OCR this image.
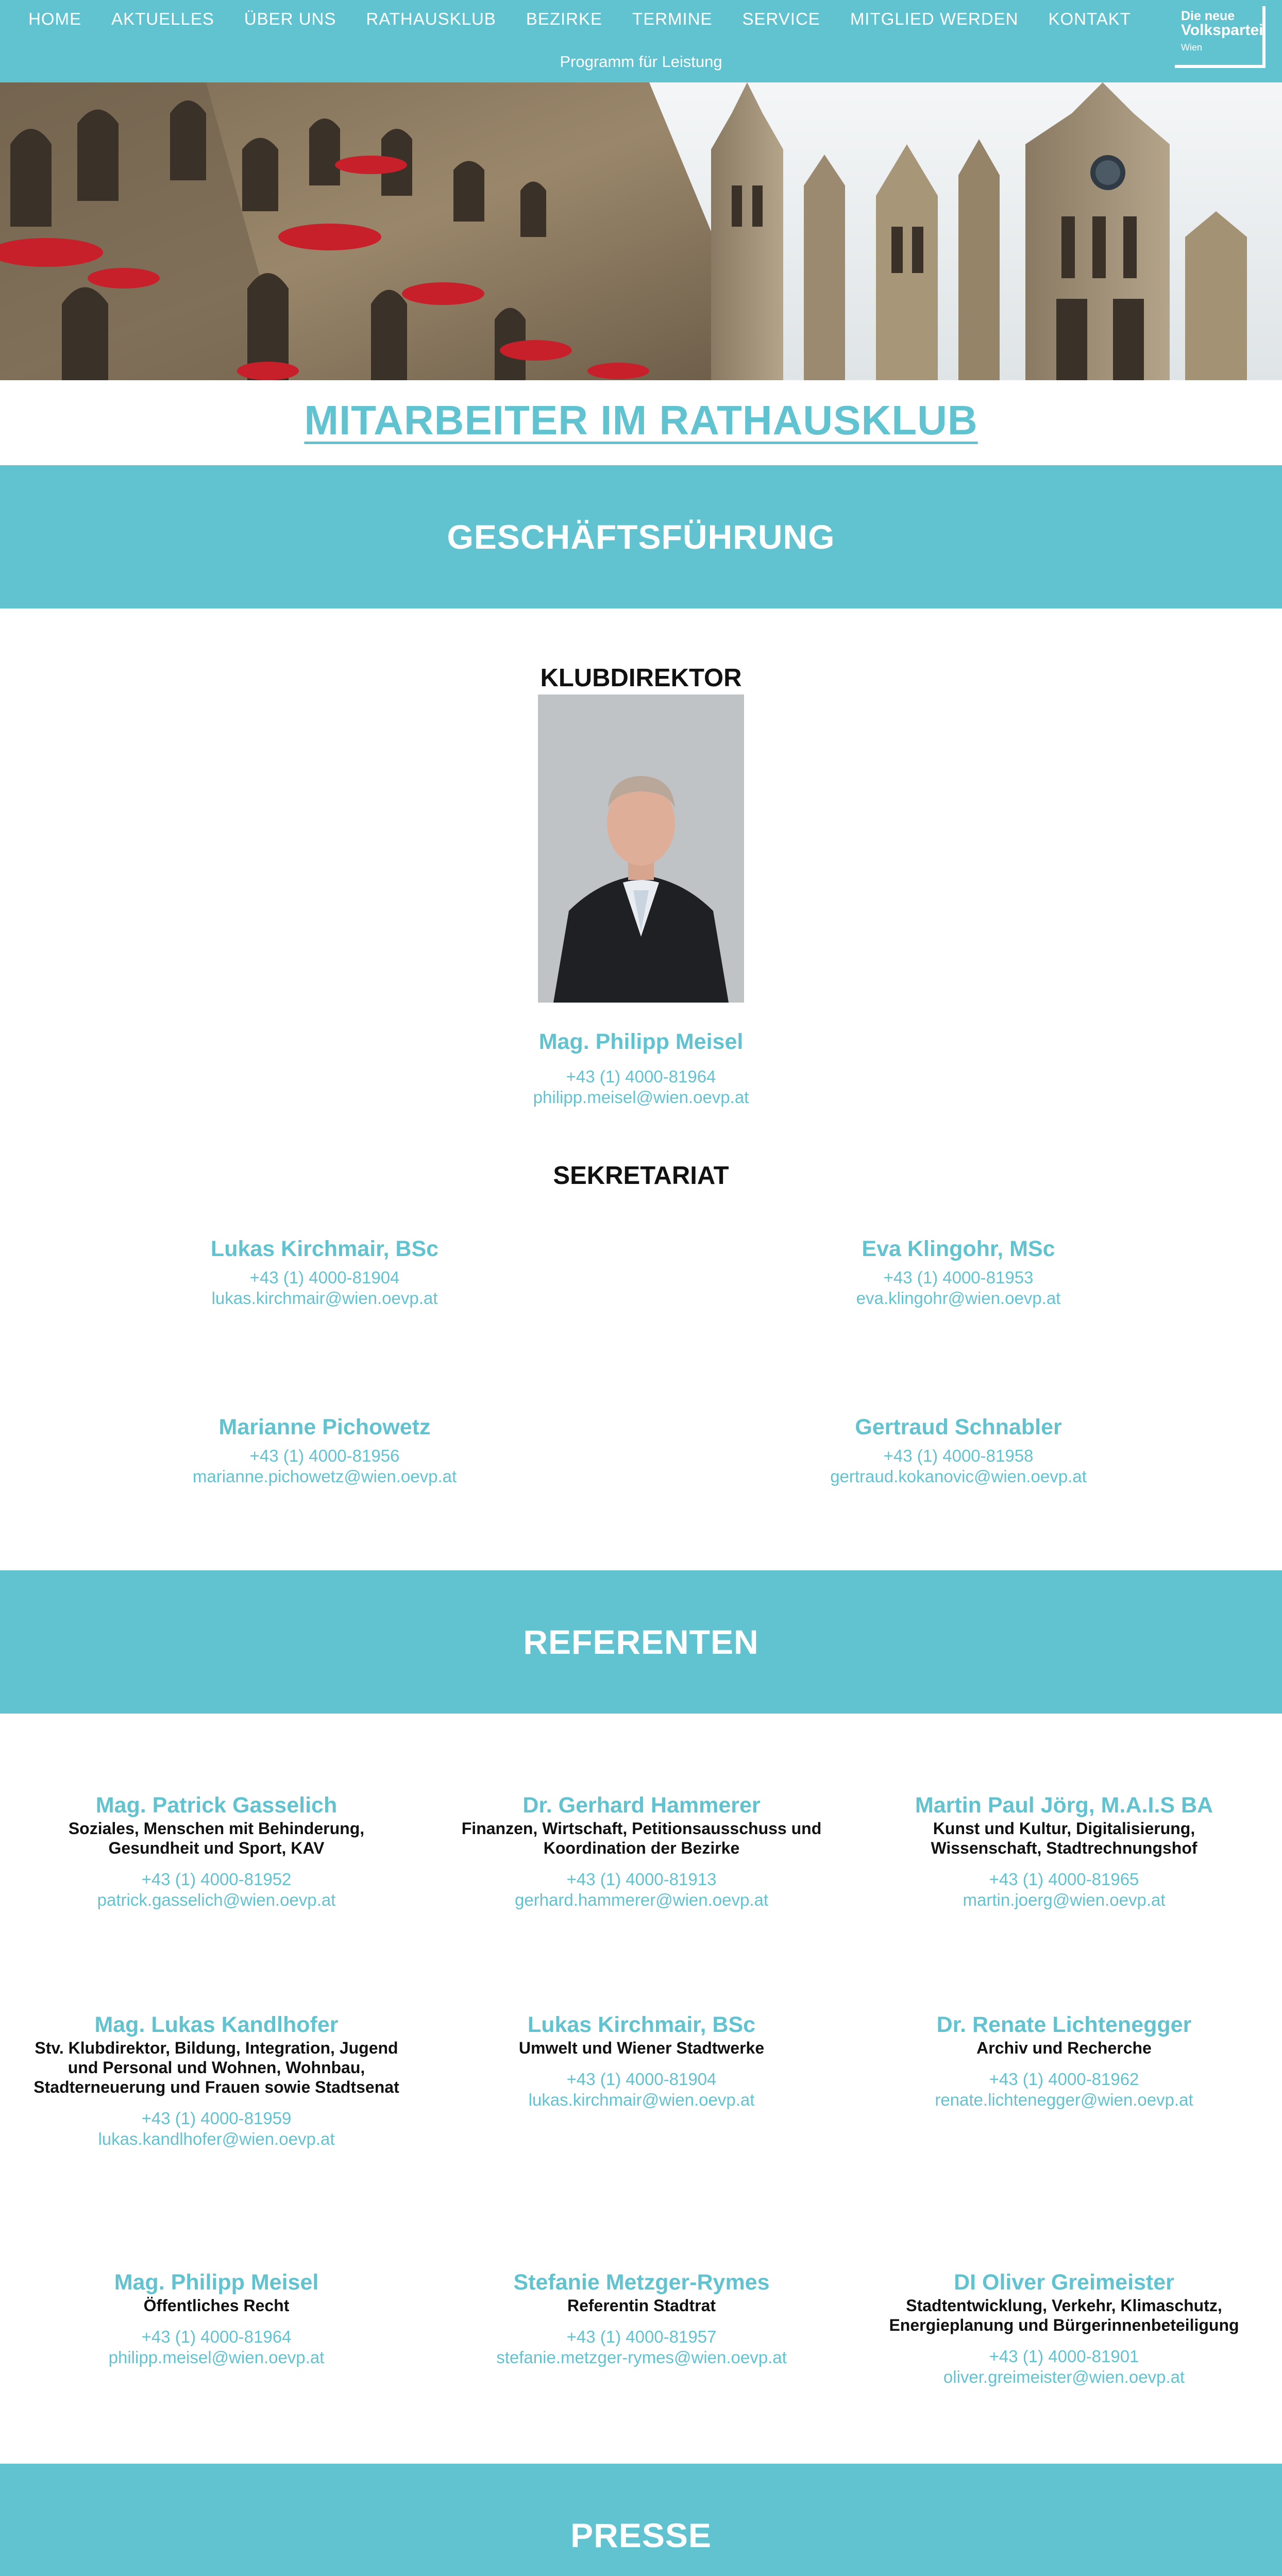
HOME	AKTUELLES	ÜBER UNS	RATHAUSKLUB	BEZIRKE	TERMINE	SERVICE	MITGLIED WERDEN	KONTAKT
Programm für Leistung
Die neue
Volkspartei
Wien
MITARBEITER IM RATHAUSKLUB
GESCHÄFTSFÜHRUNG
KLUBDIREKTOR
Mag. Philipp Meisel
+43 (1) 4000-81964
philipp.meisel@wien.oevp.at
SEKRETARIAT
Lukas Kirchmair, BSc
+43 (1) 4000-81904
lukas.kirchmair@wien.oevp.at
Eva Klingohr, MSc
+43 (1) 4000-81953
eva.klingohr@wien.oevp.at
Marianne Pichowetz
+43 (1) 4000-81956
marianne.pichowetz@wien.oevp.at
Gertraud Schnabler
+43 (1) 4000-81958
gertraud.kokanovic@wien.oevp.at
REFERENTEN
Mag. Patrick Gasselich
Soziales, Menschen mit Behinderung, Gesundheit und Sport, KAV
+43 (1) 4000-81952
patrick.gasselich@wien.oevp.at
Dr. Gerhard Hammerer
Finanzen, Wirtschaft, Petitionsausschuss und Koordination der Bezirke
+43 (1) 4000-81913
gerhard.hammerer@wien.oevp.at
Martin Paul Jörg, M.A.I.S BA
Kunst und Kultur, Digitalisierung, Wissenschaft, Stadtrechnungshof
+43 (1) 4000-81965
martin.joerg@wien.oevp.at
Mag. Lukas Kandlhofer
Stv. Klubdirektor, Bildung, Integration, Jugend und Personal und Wohnen, Wohnbau, Stadterneuerung und Frauen sowie Stadtsenat
+43 (1) 4000-81959
lukas.kandlhofer@wien.oevp.at
Lukas Kirchmair, BSc
Umwelt und Wiener Stadtwerke
+43 (1) 4000-81904
lukas.kirchmair@wien.oevp.at
Dr. Renate Lichtenegger
Archiv und Recherche
+43 (1) 4000-81962
renate.lichtenegger@wien.oevp.at
Mag. Philipp Meisel
Öffentliches Recht
+43 (1) 4000-81964
philipp.meisel@wien.oevp.at
Stefanie Metzger-Rymes
Referentin Stadtrat
+43 (1) 4000-81957
stefanie.metzger-rymes@wien.oevp.at
DI Oliver Greimeister
Stadtentwicklung, Verkehr, Klimaschutz, Energieplanung und Bürgerinnenbeteiligung
+43 (1) 4000-81901
oliver.greimeister@wien.oevp.at
PRESSE
